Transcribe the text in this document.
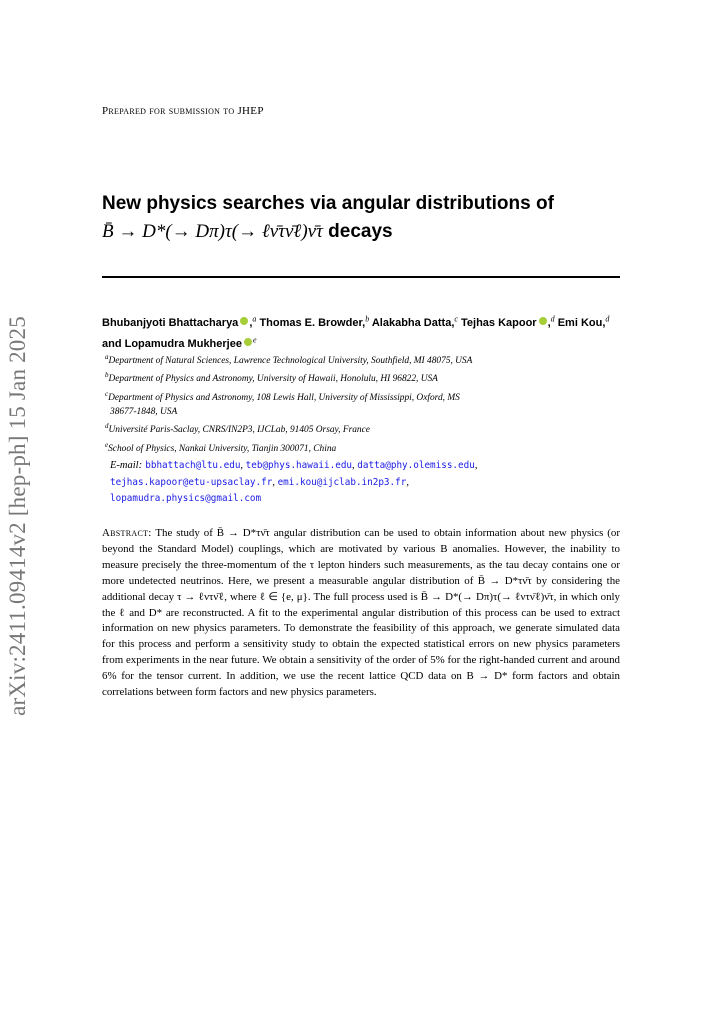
arXiv:2411.09414v2 [hep-ph] 15 Jan 2025
Prepared for submission to JHEP
New physics searches via angular distributions of
B̄ → D*(→ Dπ)τ(→ ℓν̄τν̄ℓ)ν̄τ decays
Bhubanjyoti Bhattacharya ,$^a$ Thomas E. Browder,$^b$ Alakabha Datta,$^c$ Tejhas Kapoor ,$^d$ Emi Kou,$^d$ and Lopamudra Mukherjee $^e$
$^a$Department of Natural Sciences, Lawrence Technological University, Southfield, MI 48075, USA
$^b$Department of Physics and Astronomy, University of Hawaii, Honolulu, HI 96822, USA
$^c$Department of Physics and Astronomy, 108 Lewis Hall, University of Mississippi, Oxford, MS
38677-1848, USA
$^d$Université Paris-Saclay, CNRS/IN2P3, IJCLab, 91405 Orsay, France
$^e$School of Physics, Nankai University, Tianjin 300071, China
E-mail: bbhattach@ltu.edu, teb@phys.hawaii.edu, datta@phy.olemiss.edu,
tejhas.kapoor@etu-upsaclay.fr, emi.kou@ijclab.in2p3.fr,
lopamudra.physics@gmail.com
Abstract: The study of B̄ → D*τν̄τ angular distribution can be used to obtain information about new physics (or beyond the Standard Model) couplings, which are motivated by various B anomalies. However, the inability to measure precisely the three-momentum of the τ lepton hinders such measurements, as the tau decay contains one or more undetected neutrinos. Here, we present a measurable angular distribution of B̄ → D*τν̄τ by considering the additional decay τ → ℓντν̄ℓ, where ℓ ∈ {e, μ}. The full process used is B̄ → D*(→ Dπ)τ(→ ℓντν̄ℓ)ν̄τ, in which only the ℓ and D* are reconstructed. A fit to the experimental angular distribution of this process can be used to extract information on new physics parameters. To demonstrate the feasibility of this approach, we generate simulated data for this process and perform a sensitivity study to obtain the expected statistical errors on new physics parameters from experiments in the near future. We obtain a sensitivity of the order of 5% for the right-handed current and around 6% for the tensor current. In addition, we use the recent lattice QCD data on B → D* form factors and obtain correlations between form factors and new physics parameters.
